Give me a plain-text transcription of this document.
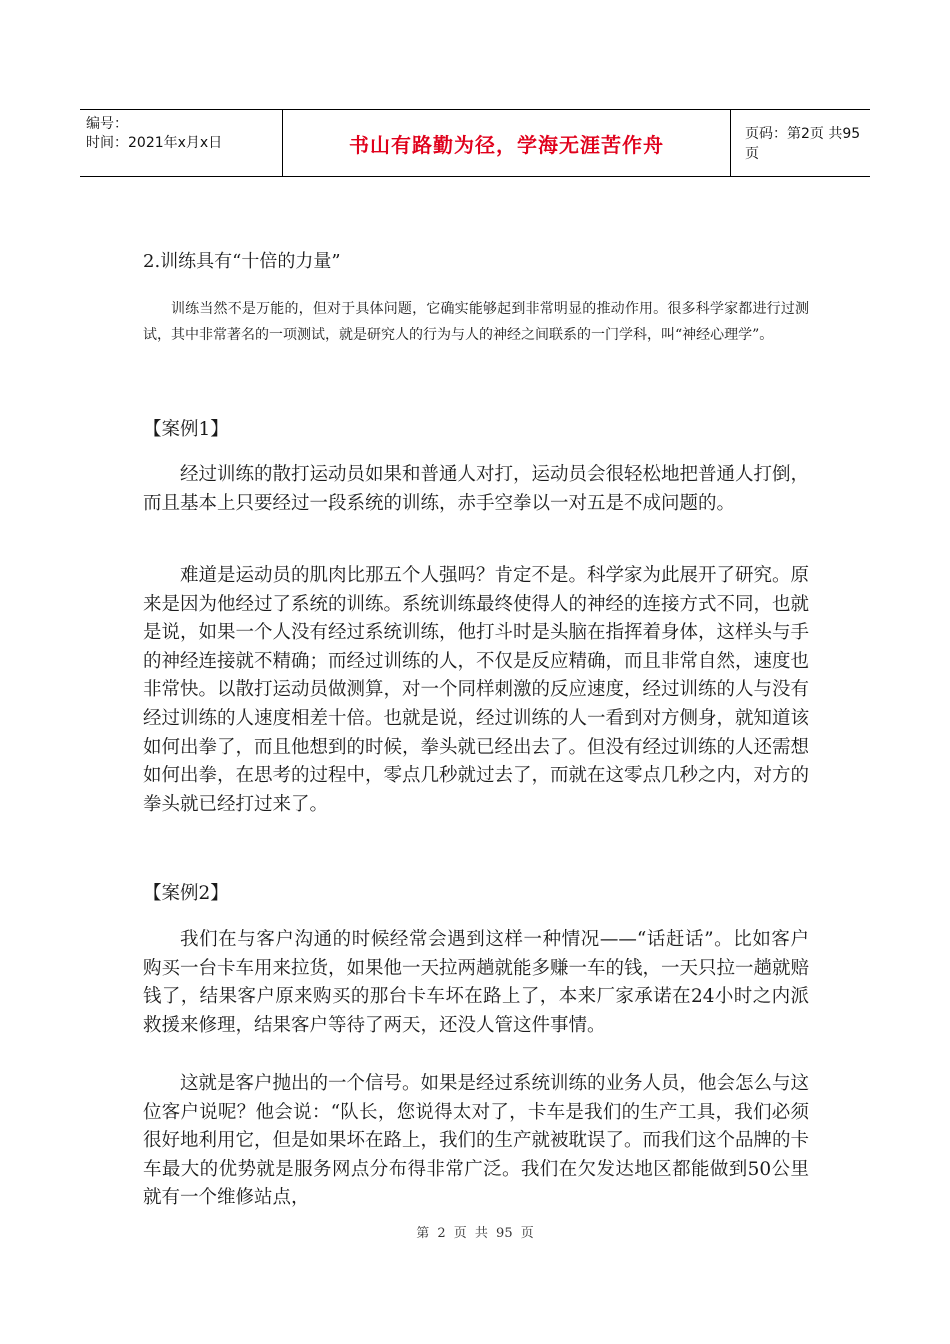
编号：
时间：2021年x月x日	书山有路勤为径，学海无涯苦作舟	页码：第2页 共95页
2.训练具有“十倍的力量”

训练当然不是万能的，但对于具体问题，它确实能够起到非常明显的推动作用。很多科学家都进行过测试，其中非常著名的一项测试，就是研究人的行为与人的神经之间联系的一门学科，叫“神经心理学”。

【案例1】

经过训练的散打运动员如果和普通人对打，运动员会很轻松地把普通人打倒，而且基本上只要经过一段系统的训练，赤手空拳以一对五是不成问题的。

难道是运动员的肌肉比那五个人强吗？肯定不是。科学家为此展开了研究。原来是因为他经过了系统的训练。系统训练最终使得人的神经的连接方式不同，也就是说，如果一个人没有经过系统训练，他打斗时是头脑在指挥着身体，这样头与手的神经连接就不精确；而经过训练的人，不仅是反应精确，而且非常自然，速度也非常快。以散打运动员做测算，对一个同样刺激的反应速度，经过训练的人与没有经过训练的人速度相差十倍。也就是说，经过训练的人一看到对方侧身，就知道该如何出拳了，而且他想到的时候，拳头就已经出去了。但没有经过训练的人还需想如何出拳，在思考的过程中，零点几秒就过去了，而就在这零点几秒之内，对方的拳头就已经打过来了。

【案例2】

我们在与客户沟通的时候经常会遇到这样一种情况——“话赶话”。比如客户购买一台卡车用来拉货，如果他一天拉两趟就能多赚一车的钱，一天只拉一趟就赔钱了，结果客户原来购买的那台卡车坏在路上了，本来厂家承诺在24小时之内派救援来修理，结果客户等待了两天，还没人管这件事情。

这就是客户抛出的一个信号。如果是经过系统训练的业务人员，他会怎么与这位客户说呢？他会说：“队长，您说得太对了，卡车是我们的生产工具，我们必须很好地利用它，但是如果坏在路上，我们的生产就被耽误了。而我们这个品牌的卡车最大的优势就是服务网点分布得非常广泛。我们在欠发达地区都能做到50公里就有一个维修站点，

第 2 页 共 95 页
